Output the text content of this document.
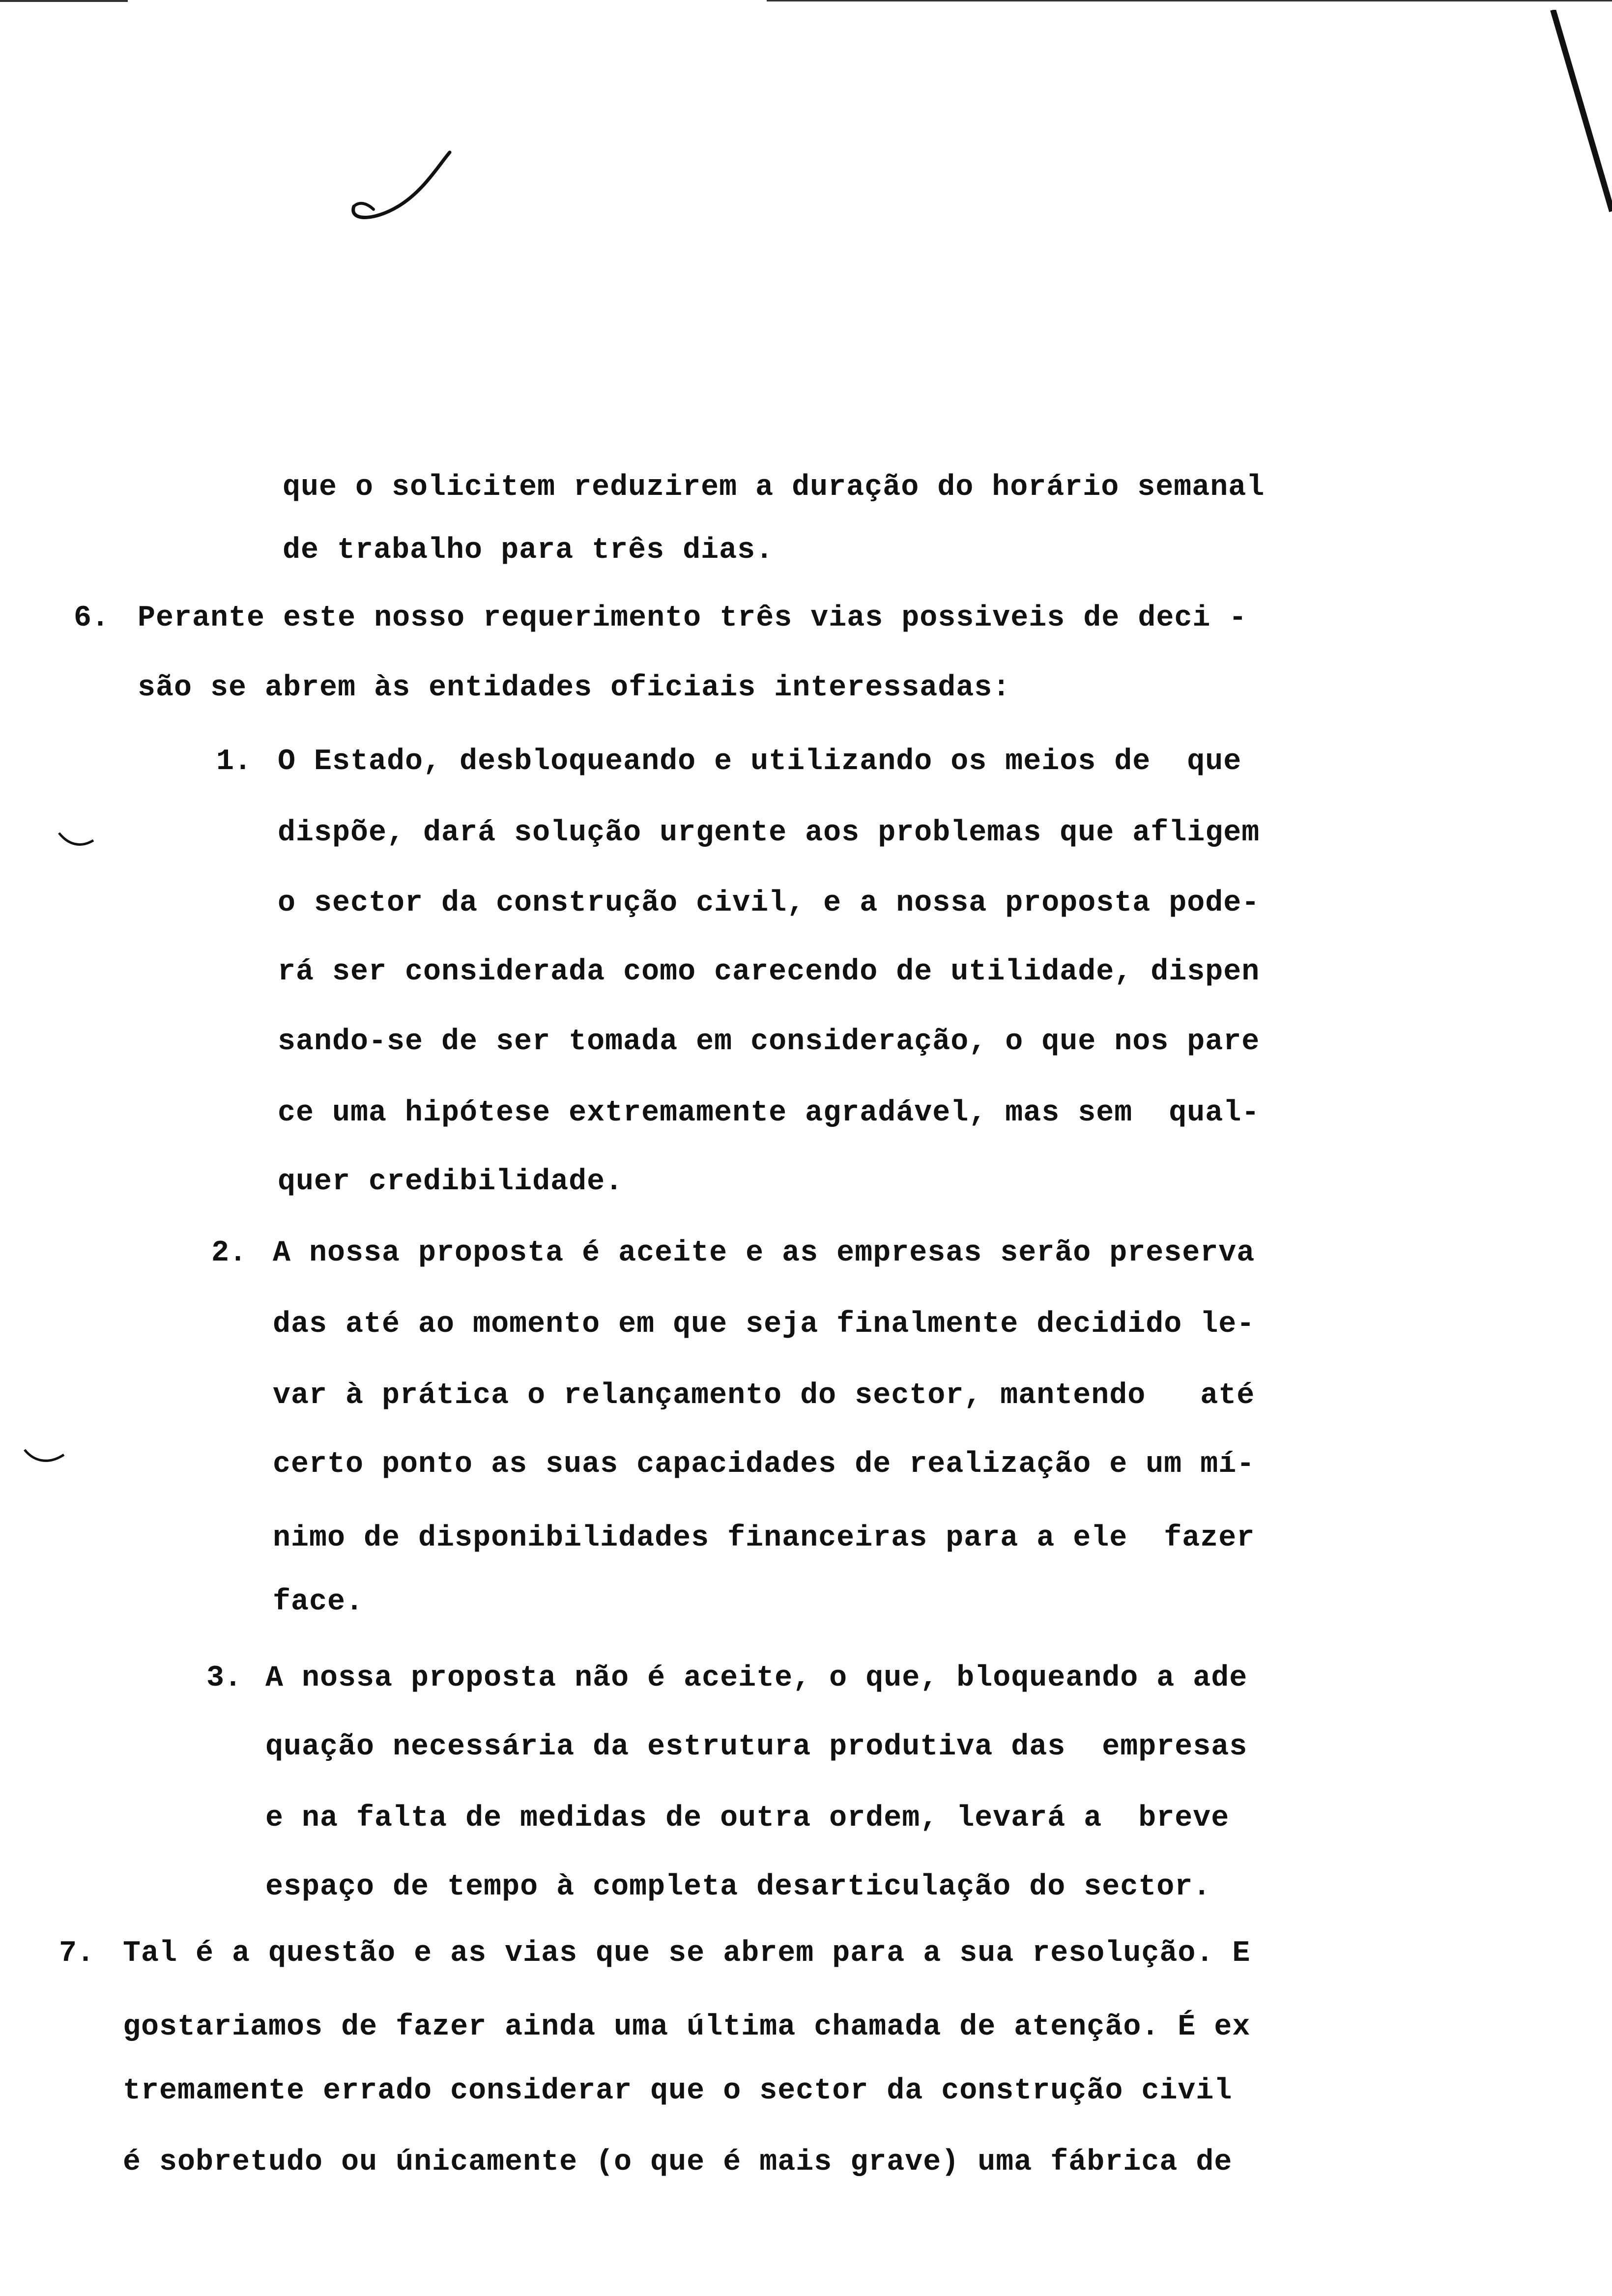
que o solicitem reduzirem a duração do horário semanal
de trabalho para três dias.
6. Perante este nosso requerimento três vias possiveis de deci -
são se abrem às entidades oficiais interessadas:
1. O Estado, desbloqueando e utilizando os meios de  que
dispõe, dará solução urgente aos problemas que afligem
o sector da construção civil, e a nossa proposta pode-
rá ser considerada como carecendo de utilidade, dispen
sando-se de ser tomada em consideração, o que nos pare
ce uma hipótese extremamente agradável, mas sem  qual-
quer credibilidade.
2. A nossa proposta é aceite e as empresas serão preserva
das até ao momento em que seja finalmente decidido le-
var à prática o relançamento do sector, mantendo   até
certo ponto as suas capacidades de realização e um mí-
nimo de disponibilidades financeiras para a ele  fazer
face.
3. A nossa proposta não é aceite, o que, bloqueando a ade
quação necessária da estrutura produtiva das  empresas
e na falta de medidas de outra ordem, levará a  breve
espaço de tempo à completa desarticulação do sector.
7. Tal é a questão e as vias que se abrem para a sua resolução. E
gostariamos de fazer ainda uma última chamada de atenção. É ex
tremamente errado considerar que o sector da construção civil
é sobretudo ou únicamente (o que é mais grave) uma fábrica de
